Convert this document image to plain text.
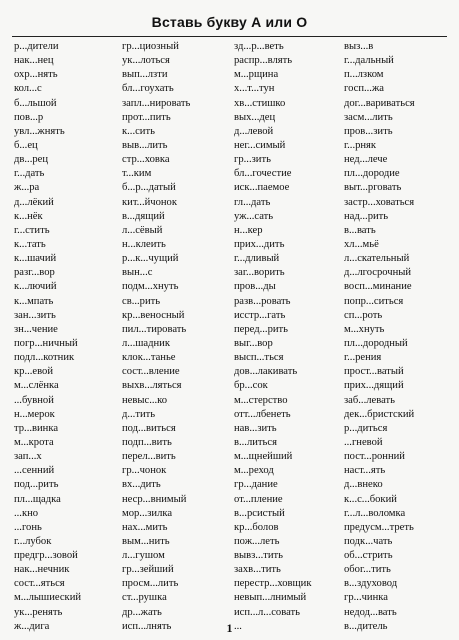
Вставь букву А или О
р...дители
нак...нец
охр...нять
кол...с
б...льшой
пов...р
увл...жнять
б...ец
дв...рец
г...дать
ж...ра
д...лёкий
к...нёк
г...стить
к...тать
к...шачий
разг...вор
к...лючий
к...мпать
зан...зить
зн...чение
погр...ничный
подл...котник
кр...евой
м...слёнка
...бувной
н...мерок
тр...винка
м...крота
зап...х
...сенний
под...рить
пл...щадка
...кно
...гонь
г...лубок
предгр...зовой
нак...нечник
сост...яться
м...лышиеский
ук...ренять
ж...дига
гр...циозный
ук...лоться
вып...лзти
бл...гоухать
запл...нировать
прот...пить
к...сить
выв...лить
стр...ховка
т...ким
б...р...датый
кит...йчонок
в...дящий
л...сёвый
н...клеить
р...к...чущий
вын...с
подм...хнуть
св...рить
кр...веносный
пил...тировать
л...шадник
клок...танье
сост...вление
выхв...ляться
невыс...ко
д...тить
под...виться
подп...вить
перел...вить
гр...чонок
вх...дить
неср...внимый
мор...зилка
нах...мить
вым...нить
л...гушом
гр...зейший
просм...лить
ст...рушка
др...жать
исп...лнять
зд...р...веть
распр...влять
м...рщина
х...т...тун
хв...стишко
вых...дец
д...левой
нег...симый
гр...зить
бл...гочестие
иск...паемое
гл...дать
уж...сать
н...кер
прих...дить
г...дливый
заг...ворить
пров...ды
разв...ровать
исстр...гать
перед...рить
выг...вор
высп...ться
дов...лакивать
бр...сок
м...стерство
отт...лбенеть
нав...зить
в...литься
м...щнейший
м...реход
гр...дание
от...пление
в...рсистый
кр...болов
пож...леть
вывз...тить
захв...тить
перестр...ховщик
невып...лнимый
исп...л...совать
...
выз...в
г...дальный
п...лзком
госп...жа
дог...вариваться
засм...лить
пров...зить
г...рняк
нед...лече
пл...дородие
выт...рговать
застр...ховаться
над...рить
в...вать
хл...мьё
л...скательный
д...лгосрочный
восп...минание
попр...ситься
сп...роть
м...хнуть
пл...дородный
г...рения
прост...ватый
прих...дящий
заб...левать
дек...бристский
р...диться
...гневой
пост...ронний
наст...ять
д...внеко
к...с...бокий
г...л...воломка
предусм...треть
подк...чать
об...стрить
обог...тить
в...здуховод
гр...чинка
недод...вать
в...дитель
1
